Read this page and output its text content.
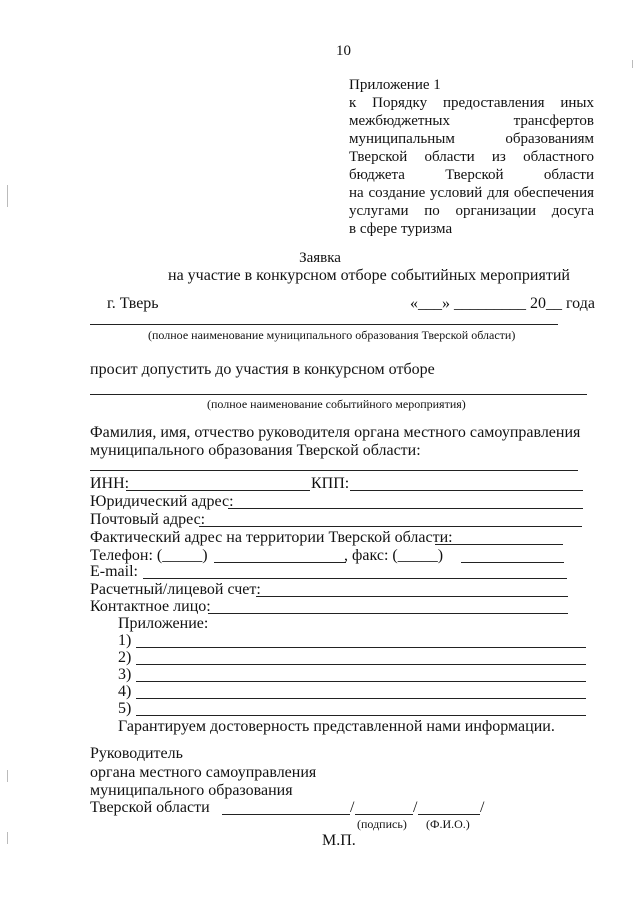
10
Приложение 1
к Порядку предоставления иных
межбюджетных трансфертов
муниципальным образованиям
Тверской области из областного
бюджета Тверской области
на создание условий для обеспечения
услугами по организации досуга
в сфере туризма
Заявка
на участие в конкурсном отборе событийных мероприятий
г. Тверь	«___» _________ 20__ года
(полное наименование муниципального образования Тверской области)
просит допустить до участия в конкурсном отборе
(полное наименование событийного мероприятия)
Фамилия, имя, отчество руководителя органа местного самоуправления
муниципального образования Тверской области:
ИНН:	КПП:
Юридический адрес:
Почтовый адрес:
Фактический адрес на территории Тверской области:
Телефон: (_____)	, факс: (_____)
E-mail:
Расчетный/лицевой счет:
Контактное лицо:
Приложение:
1)
2)
3)
4)
5)
Гарантируем достоверность представленной нами информации.
Руководитель
органа местного самоуправления
муниципального образования
Тверской области	/	/	/
(подпись) (Ф.И.О.)
М.П.
